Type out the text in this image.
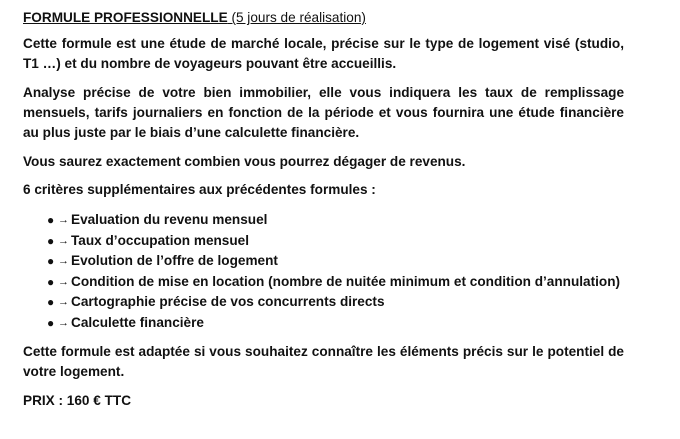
FORMULE PROFESSIONNELLE (5 jours de réalisation)

Cette formule est une étude de marché locale, précise sur le type de logement visé (studio, T1 …) et du nombre de voyageurs pouvant être accueillis.

Analyse précise de votre bien immobilier, elle vous indiquera les taux de remplissage mensuels, tarifs journaliers en fonction de la période et vous fournira une étude financière au plus juste par le biais d’une calculette financière.

Vous saurez exactement combien vous pourrez dégager de revenus.

6 critères supplémentaires aux précédentes formules :

● → Evaluation du revenu mensuel
● → Taux d’occupation mensuel
● → Evolution de l’offre de logement
● → Condition de mise en location (nombre de nuitée minimum et condition d’annulation)
● → Cartographie précise de vos concurrents directs
● → Calculette financière

Cette formule est adaptée si vous souhaitez connaître les éléments précis sur le potentiel de votre logement.

PRIX : 160 € TTC
